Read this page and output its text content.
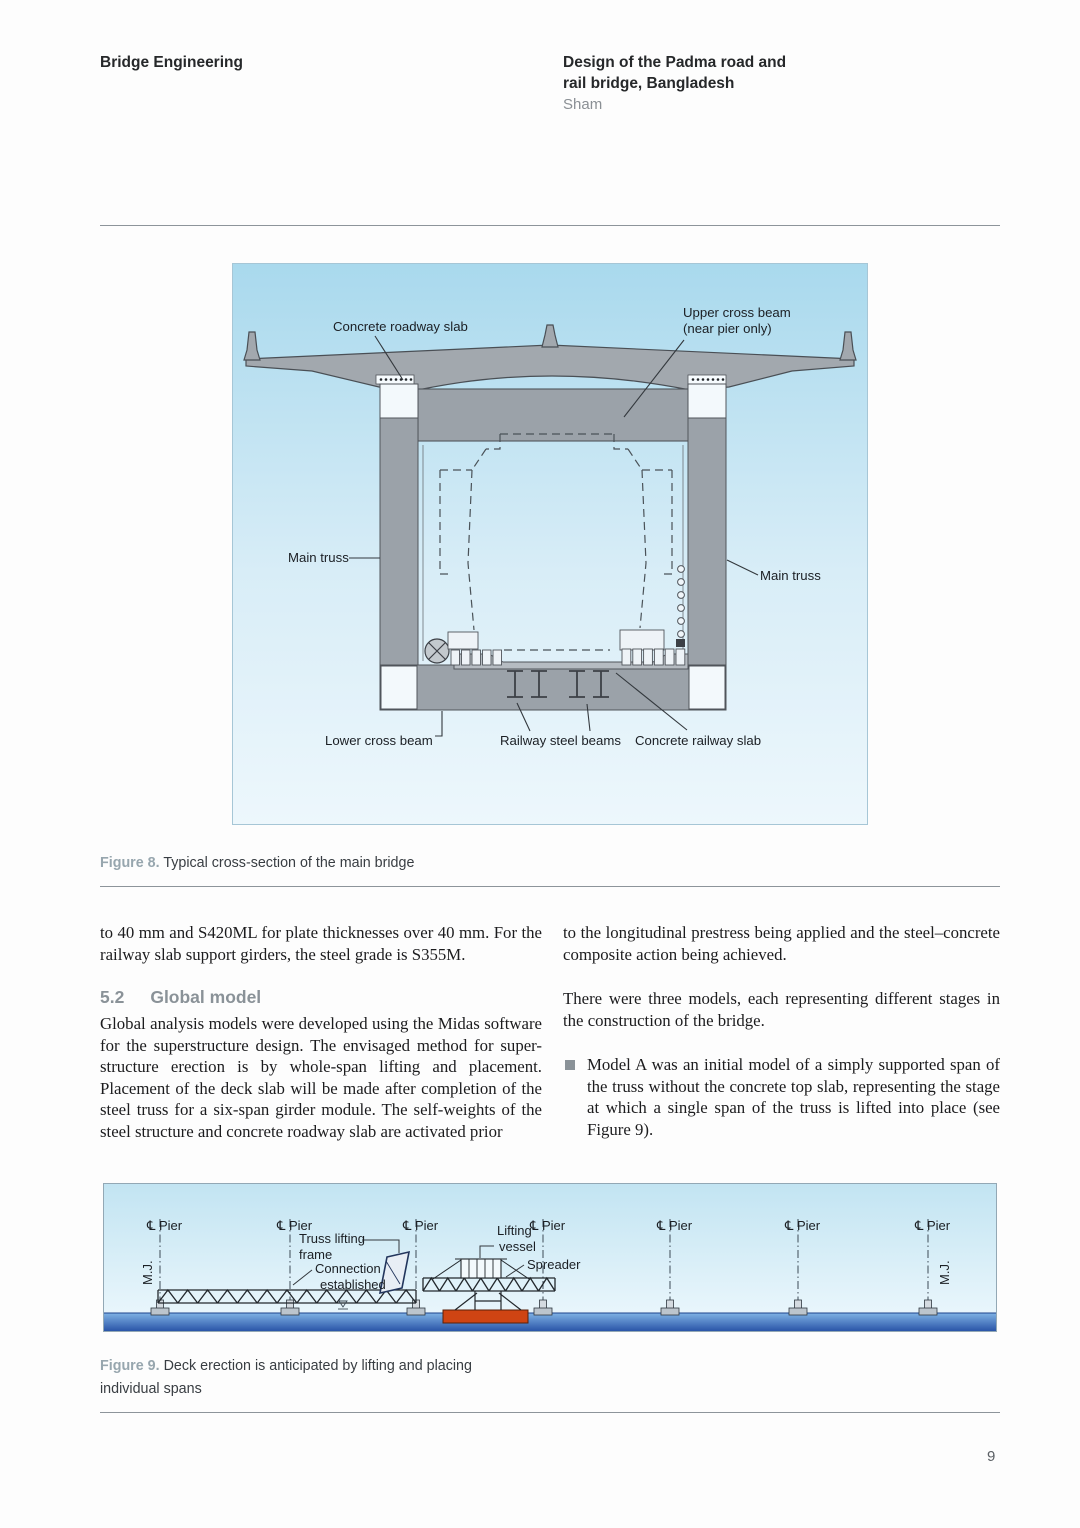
Bridge Engineering	Design of the Padma road and
rail bridge, Bangladesh
Sham
Concrete roadway slab
Upper cross beam
(near pier only)
Main truss
Main truss
Lower cross beam	Railway steel beams Concrete railway slab
Figure 8. Typical cross-section of the main bridge
to 40 mm and S420ML for plate thicknesses over 40 mm. For the railway slab support girders, the steel grade is S355M.
5.2 Global model
Global analysis models were developed using the Midas software for the superstructure design. The envisaged method for super-structure erection is by whole-span lifting and placement. Placement of the deck slab will be made after completion of the steel truss for a six-span girder module. The self-weights of the steel structure and concrete roadway slab are activated prior
to the longitudinal prestress being applied and the steel–concrete composite action being achieved.
There were three models, each representing different stages in the construction of the bridge.
Model A was an initial model of a simply supported span of the truss without the concrete top slab, representing the stage at which a single span of the truss is lifted into place (see Figure 9).
℄ Pier	℄ Pier	℄ Pier	℄ Pier	℄ Pier	℄ Pier	℄ Pier
Truss lifting
frame
Connection
established
Lifting
vessel
Spreader
M.J.	M.J.
Figure 9. Deck erection is anticipated by lifting and placing
individual spans
9
